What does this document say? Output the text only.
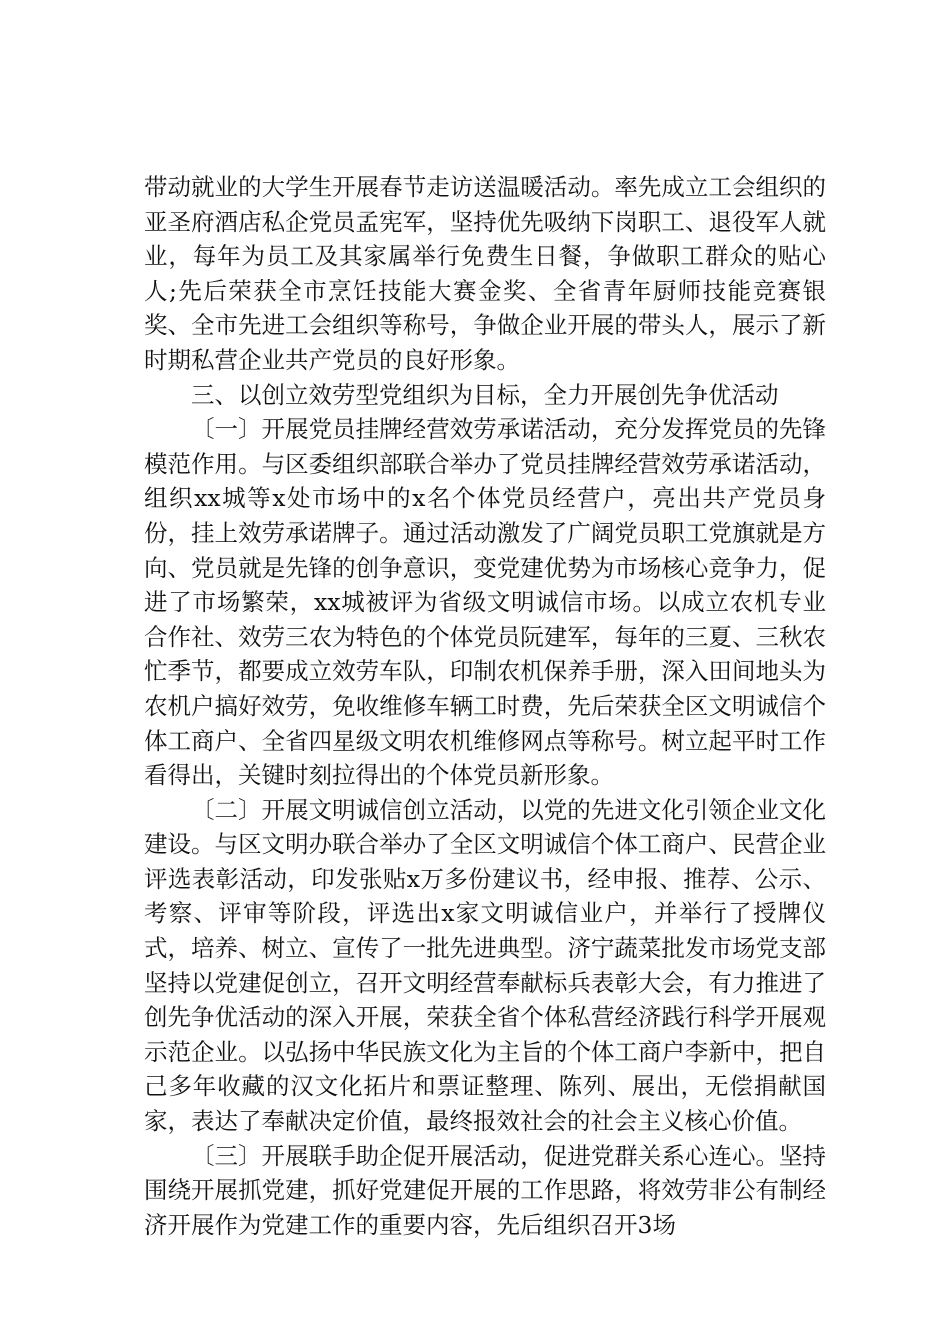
带动就业的大学生开展春节走访送温暖活动。率先成立工会组织的亚圣府酒店私企党员孟宪军，坚持优先吸纳下岗职工、退役军人就业，每年为员工及其家属举行免费生日餐，争做职工群众的贴心人;先后荣获全市烹饪技能大赛金奖、全省青年厨师技能竞赛银奖、全市先进工会组织等称号，争做企业开展的带头人，展示了新时期私营企业共产党员的良好形象。

三、以创立效劳型党组织为目标，全力开展创先争优活动

〔一〕开展党员挂牌经营效劳承诺活动，充分发挥党员的先锋模范作用。与区委组织部联合举办了党员挂牌经营效劳承诺活动，组织xx城等x处市场中的x名个体党员经营户，亮出共产党员身份，挂上效劳承诺牌子。通过活动激发了广阔党员职工党旗就是方向、党员就是先锋的创争意识，变党建优势为市场核心竞争力，促进了市场繁荣，xx城被评为省级文明诚信市场。以成立农机专业合作社、效劳三农为特色的个体党员阮建军，每年的三夏、三秋农忙季节，都要成立效劳车队，印制农机保养手册，深入田间地头为农机户搞好效劳，免收维修车辆工时费，先后荣获全区文明诚信个体工商户、全省四星级文明农机维修网点等称号。树立起平时工作看得出，关键时刻拉得出的个体党员新形象。

〔二〕开展文明诚信创立活动，以党的先进文化引领企业文化建设。与区文明办联合举办了全区文明诚信个体工商户、民营企业评选表彰活动，印发张贴x万多份建议书，经申报、推荐、公示、考察、评审等阶段，评选出x家文明诚信业户，并举行了授牌仪式，培养、树立、宣传了一批先进典型。济宁蔬菜批发市场党支部坚持以党建促创立，召开文明经营奉献标兵表彰大会，有力推进了创先争优活动的深入开展，荣获全省个体私营经济践行科学开展观示范企业。以弘扬中华民族文化为主旨的个体工商户李新中，把自己多年收藏的汉文化拓片和票证整理、陈列、展出，无偿捐献国家，表达了奉献决定价值，最终报效社会的社会主义核心价值。

〔三〕开展联手助企促开展活动，促进党群关系心连心。坚持围绕开展抓党建，抓好党建促开展的工作思路，将效劳非公有制经济开展作为党建工作的重要内容，先后组织召开3场
